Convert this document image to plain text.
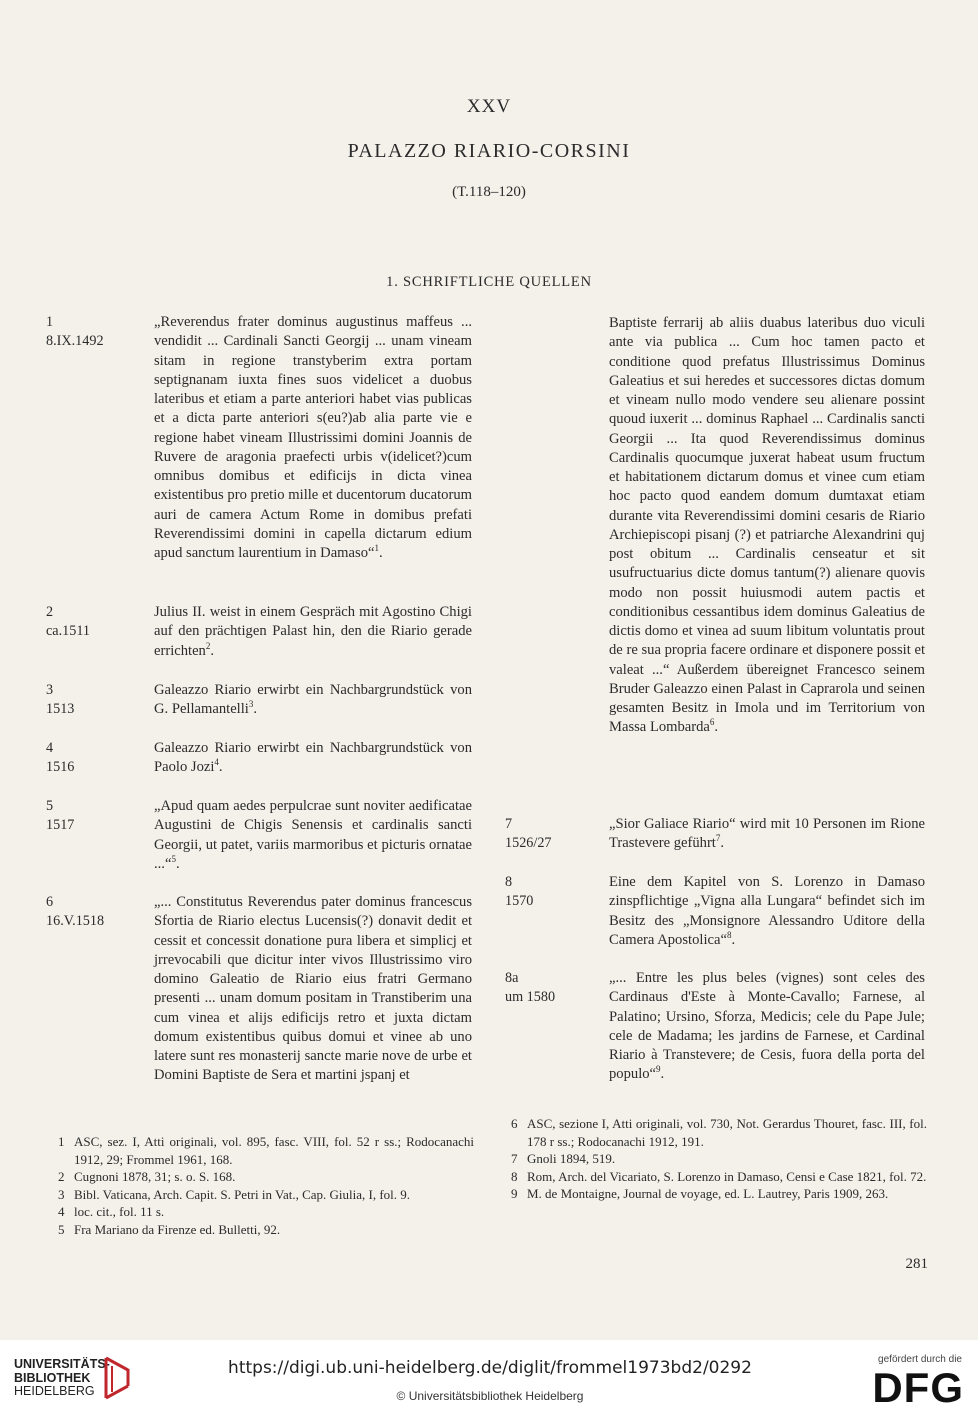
XXV
PALAZZO RIARIO-CORSINI
(T.118–120)
1. SCHRIFTLICHE QUELLEN
1
8.IX.1492
„Reverendus frater dominus augustinus maffeus ... vendidit ... Cardinali Sancti Georgij ... unam vineam sitam in regione transtyberim extra portam septignanam iuxta fines suos videlicet a duobus lateribus et etiam a parte anteriori habet vias publicas et a dicta parte anteriori s(eu?)ab alia parte vie e regione habet vineam Illustrissimi domini Joannis de Ruvere de aragonia praefecti urbis v(idelicet?)cum omnibus domibus et edificijs in dicta vinea existentibus pro pretio mille et ducentorum ducatorum auri de camera Actum Rome in domibus prefati Reverendissimi domini in capella dictarum edium apud sanctum laurentium in Damaso“$^1$.
2
ca.1511
Julius II. weist in einem Gespräch mit Agostino Chigi auf den prächtigen Palast hin, den die Riario gerade errichten$^2$.
3
1513
Galeazzo Riario erwirbt ein Nachbargrundstück von G. Pellamantelli$^3$.
4
1516
Galeazzo Riario erwirbt ein Nachbargrundstück von Paolo Jozi$^4$.
5
1517
„Apud quam aedes perpulcrae sunt noviter aedificatae Augustini de Chigis Senensis et cardinalis sancti Georgii, ut patet, variis marmoribus et picturis ornatae ...“$^5$.
6
16.V.1518
„... Constitutus Reverendus pater dominus francescus Sfortia de Riario electus Lucensis(?) donavit dedit et cessit et concessit donatione pura libera et simplicj et jrrevocabili que dicitur inter vivos Illustrissimo viro domino Galeatio de Riario eius fratri Germano presenti ... unam domum positam in Transtiberim una cum vinea et alijs edificijs retro et juxta dictam domum existentibus quibus domui et vinee ab uno latere sunt res monasterij sancte marie nove de urbe et Domini Baptiste de Sera et martini jspanj et
Baptiste ferrarij ab aliis duabus lateribus duo viculi ante via publica ... Cum hoc tamen pacto et conditione quod prefatus Illustrissimus Dominus Galeatius et sui heredes et successores dictas domum et vineam nullo modo vendere seu alienare possint quoud iuxerit ... dominus Raphael ... Cardinalis sancti Georgii ... Ita quod Reverendissimus dominus Cardinalis quocumque juxerat habeat usum fructum et habitationem dictarum domus et vinee cum etiam hoc pacto quod eandem domum dumtaxat etiam durante vita Reverendissimi domini cesaris de Riario Archiepiscopi pisanj (?) et patriarche Alexandrini quj post obitum ... Cardinalis censeatur et sit usufructuarius dicte domus tantum(?) alienare quovis modo non possit huiusmodi autem pactis et conditionibus cessantibus idem dominus Galeatius de dictis domo et vinea ad suum libitum voluntatis prout de re sua propria facere ordinare et disponere possit et valeat ...“ Außerdem übereignet Francesco seinem Bruder Galeazzo einen Palast in Caprarola und seinen gesamten Besitz in Imola und im Territorium von Massa Lombarda$^6$.
7
1526/27
„Sior Galiace Riario“ wird mit 10 Personen im Rione Trastevere geführt$^7$.
8
1570
Eine dem Kapitel von S. Lorenzo in Damaso zinspflichtige „Vigna alla Lungara“ befindet sich im Besitz des „Monsignore Alessandro Uditore della Camera Apostolica“$^8$.
8a
um 1580
„... Entre les plus beles (vignes) sont celes des Cardinaus d'Este à Monte-Cavallo; Farnese, al Palatino; Ursino, Sforza, Medicis; cele du Pape Jule; cele de Madama; les jardins de Farnese, et Cardinal Riario à Transtevere; de Cesis, fuora della porta del populo“$^9$.
1 ASC, sez. I, Atti originali, vol. 895, fasc. VIII, fol. 52 r ss.; Rodocanachi 1912, 29; Frommel 1961, 168.
2 Cugnoni 1878, 31; s. o. S. 168.
3 Bibl. Vaticana, Arch. Capit. S. Petri in Vat., Cap. Giulia, I, fol. 9.
4 loc. cit., fol. 11 s.
5 Fra Mariano da Firenze ed. Bulletti, 92.
6 ASC, sezione I, Atti originali, vol. 730, Not. Gerardus Thouret, fasc. III, fol. 178 r ss.; Rodocanachi 1912, 191.
7 Gnoli 1894, 519.
8 Rom, Arch. del Vicariato, S. Lorenzo in Damaso, Censi e Case 1821, fol. 72.
9 M. de Montaigne, Journal de voyage, ed. L. Lautrey, Paris 1909, 263.
281
UNIVERSITÄTS-
BIBLIOTHEK
HEIDELBERG
https://digi.ub.uni-heidelberg.de/diglit/frommel1973bd2/0292
© Universitätsbibliothek Heidelberg
gefördert durch die
DFG
